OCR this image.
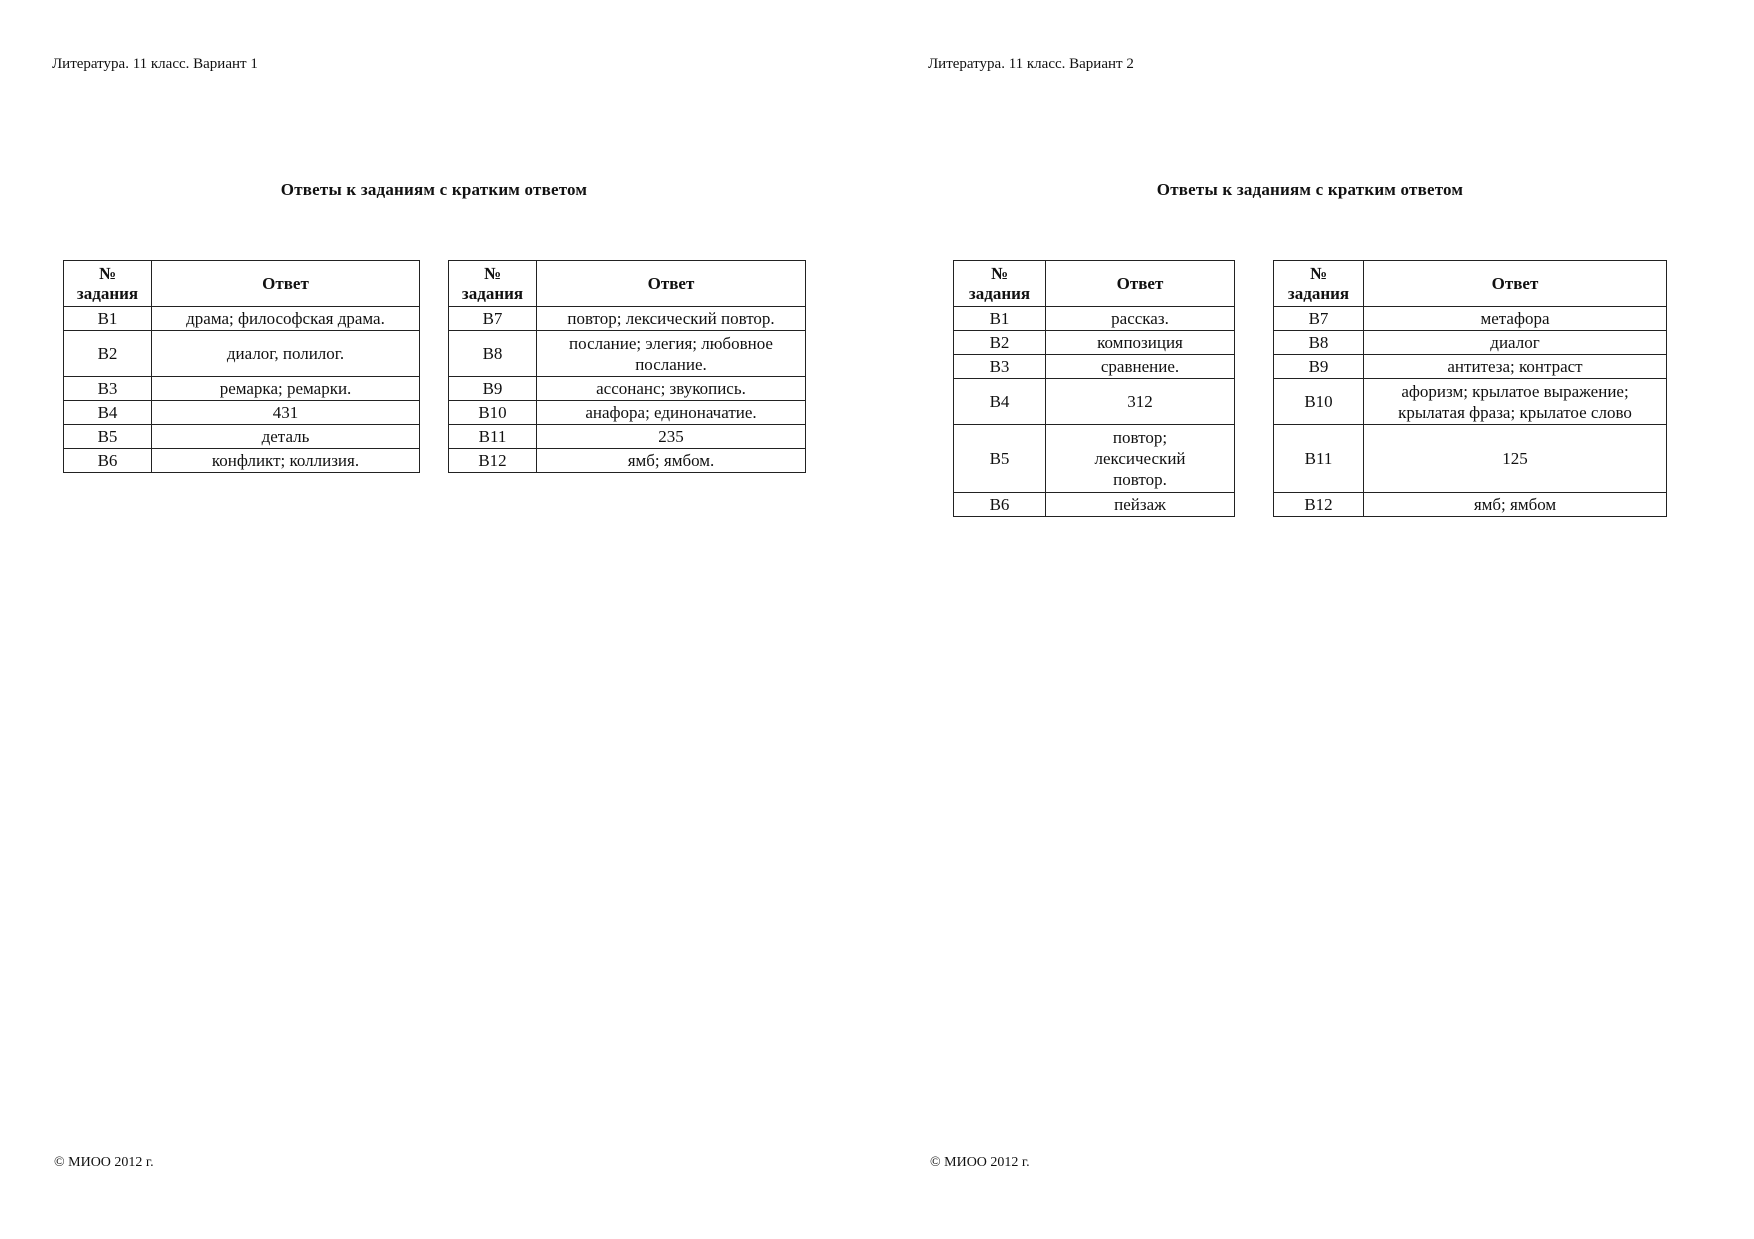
Литература. 11 класс. Вариант 1
Ответы к заданиям с кратким ответом
№
задания	Ответ
В1	драма; философская драма.
В2	диалог, полилог.
В3	ремарка; ремарки.
В4	431
В5	деталь
В6	конфликт; коллизия.
№
задания	Ответ
В7	повтор; лексический повтор.
В8	послание; элегия; любовное послание.
В9	ассонанс; звукопись.
В10	анафора; единоначатие.
В11	235
В12	ямб; ямбом.
© МИОО 2012 г.
Литература. 11 класс. Вариант 2
Ответы к заданиям с кратким ответом
№
задания	Ответ
В1	рассказ.
В2	композиция
В3	сравнение.
В4	312
В5	повтор; лексический повтор.
В6	пейзаж
№
задания	Ответ
В7	метафора
В8	диалог
В9	антитеза; контраст
В10	афоризм; крылатое выражение; крылатая фраза; крылатое слово
В11	125
В12	ямб; ямбом
© МИОО 2012 г.
